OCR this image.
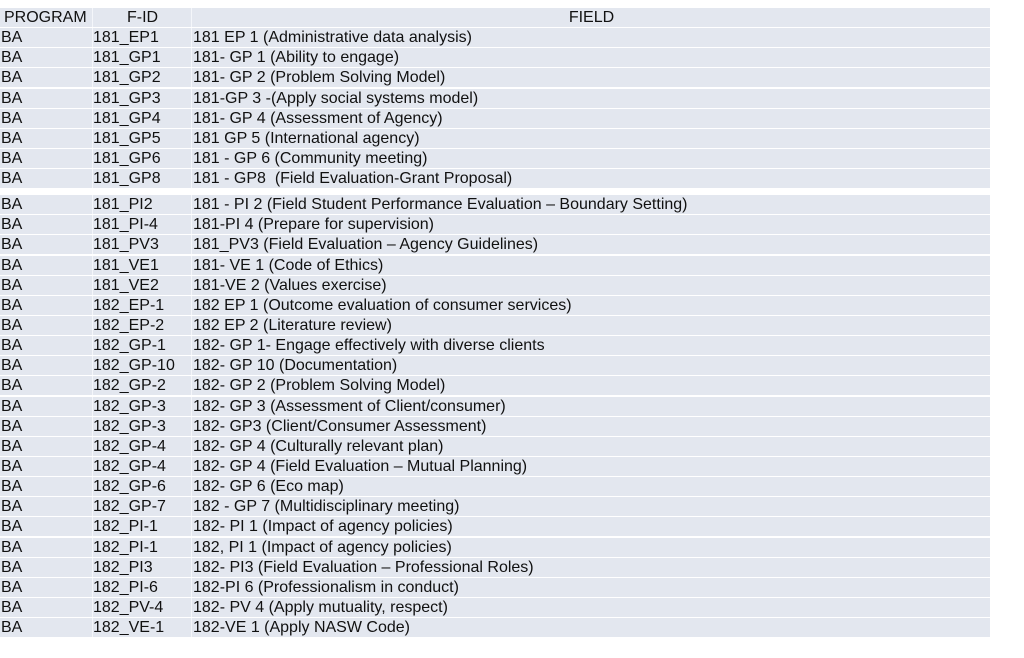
PROGRAM	F-ID	FIELD
BA	181_EP1	181 EP 1 (Administrative data analysis)
BA	181_GP1	181- GP 1 (Ability to engage)
BA	181_GP2	181- GP 2 (Problem Solving Model)
BA	181_GP3	181-GP 3 -(Apply social systems model)
BA	181_GP4	181- GP 4 (Assessment of Agency)
BA	181_GP5	181 GP 5 (International agency)
BA	181_GP6	181 - GP 6 (Community meeting)
BA	181_GP8	181 - GP8  (Field Evaluation-Grant Proposal)
BA	181_PI2	181 - PI 2 (Field Student Performance Evaluation – Boundary Setting)
BA	181_PI-4	181-PI 4 (Prepare for supervision)
BA	181_PV3	181_PV3 (Field Evaluation – Agency Guidelines)
BA	181_VE1	181- VE 1 (Code of Ethics)
BA	181_VE2	181-VE 2 (Values exercise)
BA	182_EP-1	182 EP 1 (Outcome evaluation of consumer services)
BA	182_EP-2	182 EP 2 (Literature review)
BA	182_GP-1	182- GP 1- Engage effectively with diverse clients
BA	182_GP-10	182- GP 10 (Documentation)
BA	182_GP-2	182- GP 2 (Problem Solving Model)
BA	182_GP-3	182- GP 3 (Assessment of Client/consumer)
BA	182_GP-3	182- GP3 (Client/Consumer Assessment)
BA	182_GP-4	182- GP 4 (Culturally relevant plan)
BA	182_GP-4	182- GP 4 (Field Evaluation – Mutual Planning)
BA	182_GP-6	182- GP 6 (Eco map)
BA	182_GP-7	182 - GP 7 (Multidisciplinary meeting)
BA	182_PI-1	182- PI 1 (Impact of agency policies)
BA	182_PI-1	182, PI 1 (Impact of agency policies)
BA	182_PI3	182- PI3 (Field Evaluation – Professional Roles)
BA	182_PI-6	182-PI 6 (Professionalism in conduct)
BA	182_PV-4	182- PV 4 (Apply mutuality, respect)
BA	182_VE-1	182-VE 1 (Apply NASW Code)
